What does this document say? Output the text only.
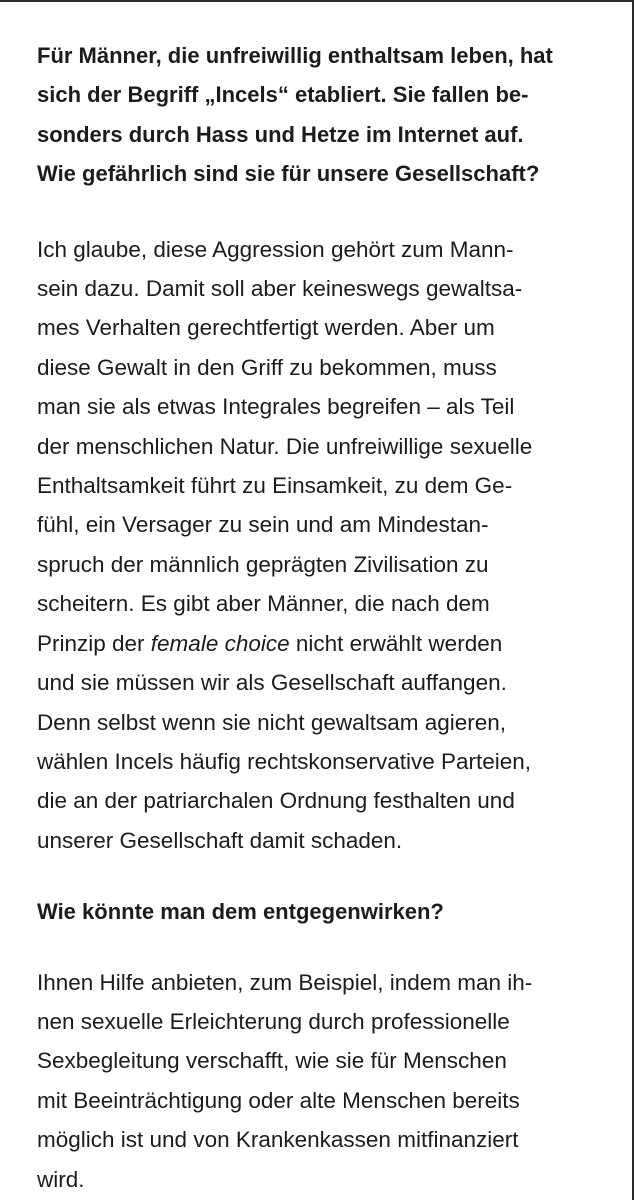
Für Männer, die unfreiwillig enthaltsam leben, hat
sich der Begriff „Incels“ etabliert. Sie fallen be-
sonders durch Hass und Hetze im Internet auf.
Wie gefährlich sind sie für unsere Gesellschaft?
Ich glaube, diese Aggression gehört zum Mann-
sein dazu. Damit soll aber keineswegs gewaltsa-
mes Verhalten gerechtfertigt werden. Aber um
diese Gewalt in den Griff zu bekommen, muss
man sie als etwas Integrales begreifen – als Teil
der menschlichen Natur. Die unfreiwillige sexuelle
Enthaltsamkeit führt zu Einsamkeit, zu dem Ge-
fühl, ein Versager zu sein und am Mindestan-
spruch der männlich geprägten Zivilisation zu
scheitern. Es gibt aber Männer, die nach dem
Prinzip der female choice nicht erwählt werden
und sie müssen wir als Gesellschaft auffangen.
Denn selbst wenn sie nicht gewaltsam agieren,
wählen Incels häufig rechtskonservative Parteien,
die an der patriarchalen Ordnung festhalten und
unserer Gesellschaft damit schaden.
Wie könnte man dem entgegenwirken?
Ihnen Hilfe anbieten, zum Beispiel, indem man ih-
nen sexuelle Erleichterung durch professionelle
Sexbegleitung verschafft, wie sie für Menschen
mit Beeinträchtigung oder alte Menschen bereits
möglich ist und von Krankenkassen mitfinanziert
wird.
